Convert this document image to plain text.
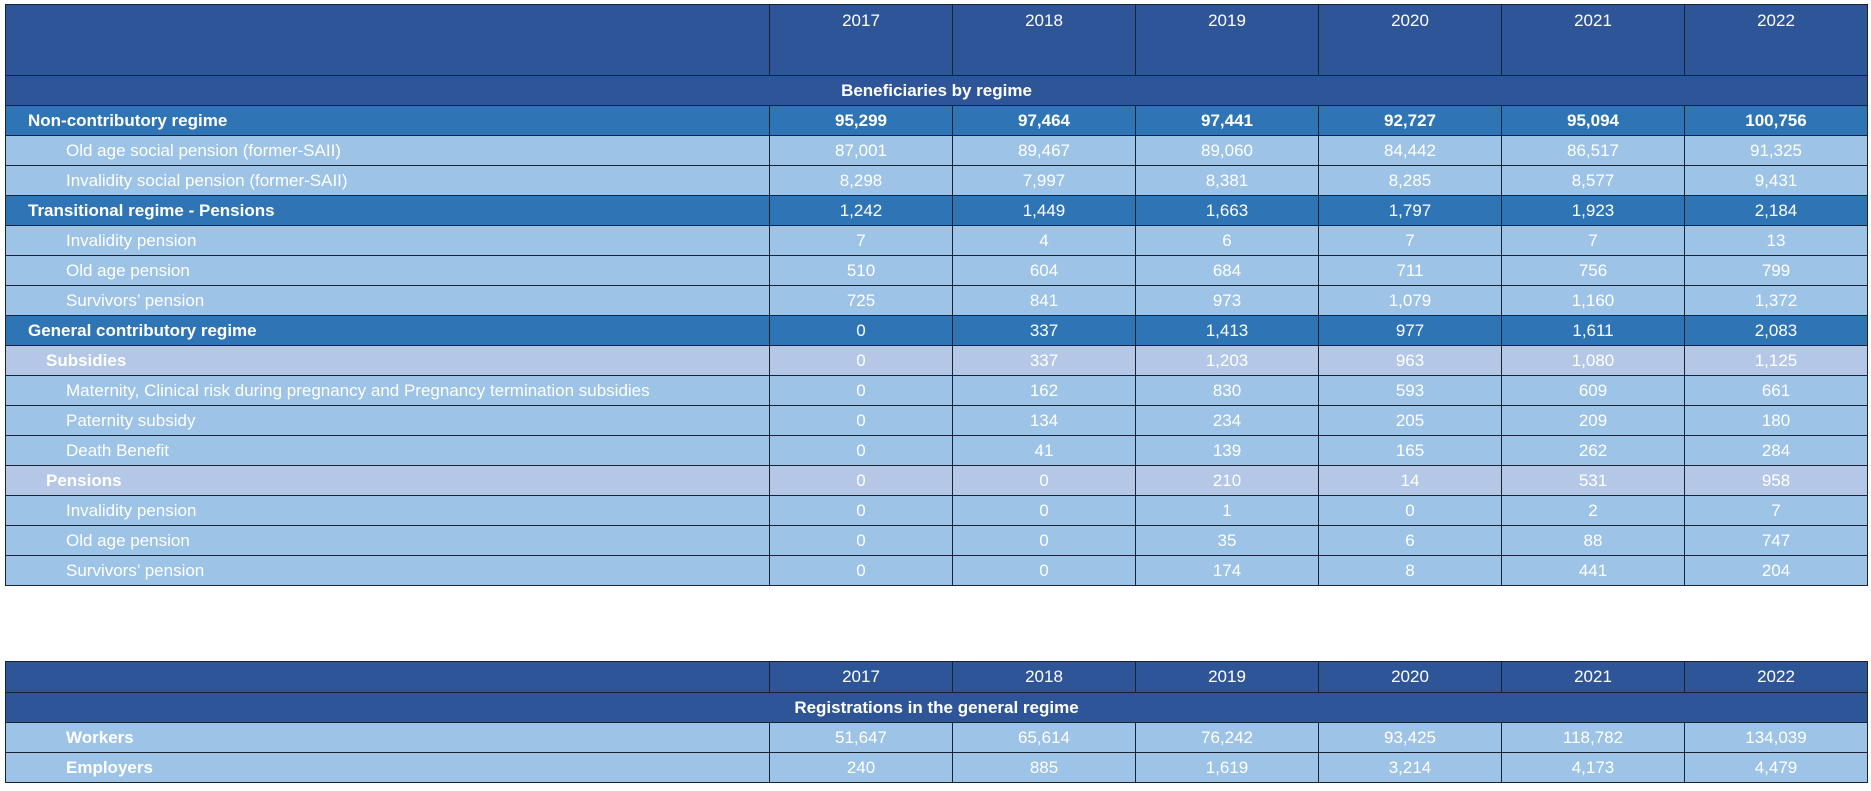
	2017	2018	2019	2020	2021	2022
Beneficiaries by regime						
Non-contributory regime	95,299	97,464	97,441	92,727	95,094	100,756
Old age social pension (former-SAII)	87,001	89,467	89,060	84,442	86,517	91,325
Invalidity social pension (former-SAII)	8,298	7,997	8,381	8,285	8,577	9,431
Transitional regime - Pensions	1,242	1,449	1,663	1,797	1,923	2,184
Invalidity pension	7	4	6	7	7	13
Old age pension	510	604	684	711	756	799
Survivors’ pension	725	841	973	1,079	1,160	1,372
General contributory regime	0	337	1,413	977	1,611	2,083
Subsidies	0	337	1,203	963	1,080	1,125
Maternity, Clinical risk during pregnancy and Pregnancy termination subsidies	0	162	830	593	609	661
Paternity subsidy	0	134	234	205	209	180
Death Benefit	0	41	139	165	262	284
Pensions	0	0	210	14	531	958
Invalidity pension	0	0	1	0	2	7
Old age pension	0	0	35	6	88	747
Survivors’ pension	0	0	174	8	441	204
	2017	2018	2019	2020	2021	2022
Registrations in the general regime						
Workers	51,647	65,614	76,242	93,425	118,782	134,039
Employers	240	885	1,619	3,214	4,173	4,479
